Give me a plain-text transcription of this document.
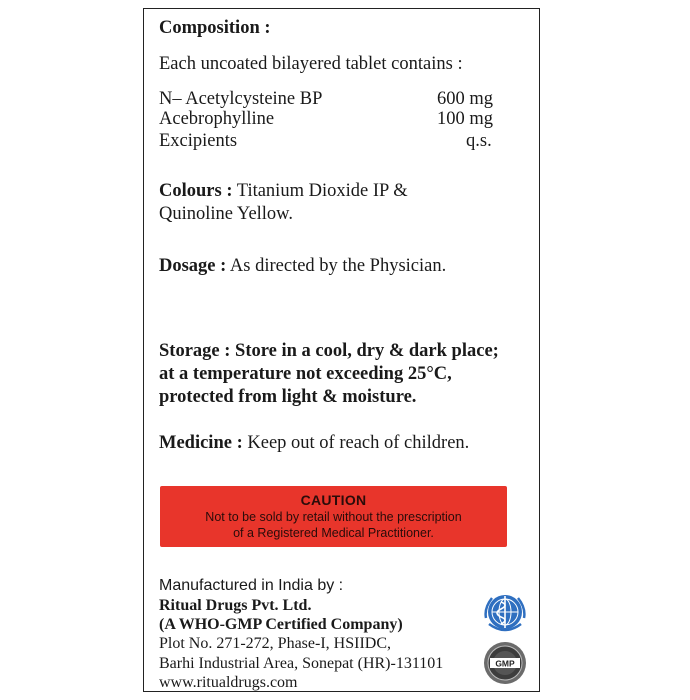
Composition :
Each uncoated bilayered tablet contains :
N– Acetylcysteine BP	600 mg
Acebrophylline	100 mg
Excipients	q.s.
Colours : Titanium Dioxide IP &
Quinoline Yellow.
Dosage : As directed by the Physician.
Storage : Store in a cool, dry & dark place;
at a temperature not exceeding 25°C,
protected from light & moisture.
Medicine : Keep out of reach of children.
CAUTION
Not to be sold by retail without the prescription
of a Registered Medical Practitioner.
Manufactured in India by :
Ritual Drugs Pvt. Ltd.
(A WHO-GMP Certified Company)
Plot No. 271-272, Phase-I, HSIIDC,
Barhi Industrial Area, Sonepat (HR)-131101
www.ritualdrugs.com
GMP
